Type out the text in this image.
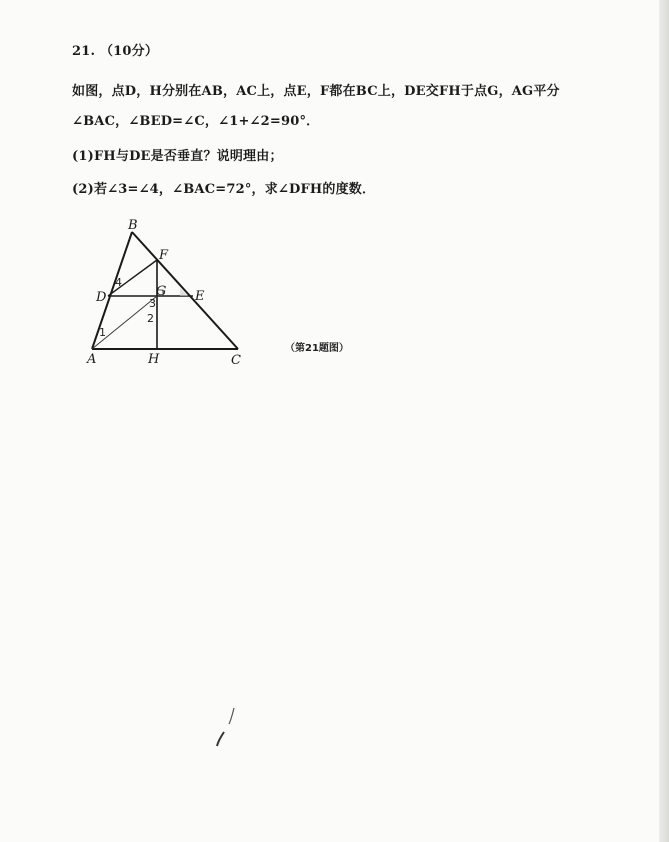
21. （10分）
如图，点D，H分别在AB，AC上，点E，F都在BC上，DE交FH于点G，AG平分
∠BAC，∠BED=∠C，∠1+∠2=90°．
(1)FH与DE是否垂直？说明理由；
(2)若∠3=∠4，∠BAC=72°，求∠DFH的度数．
B
F
D	G E
A	H	C
4
1
2
3
（第21题图）
